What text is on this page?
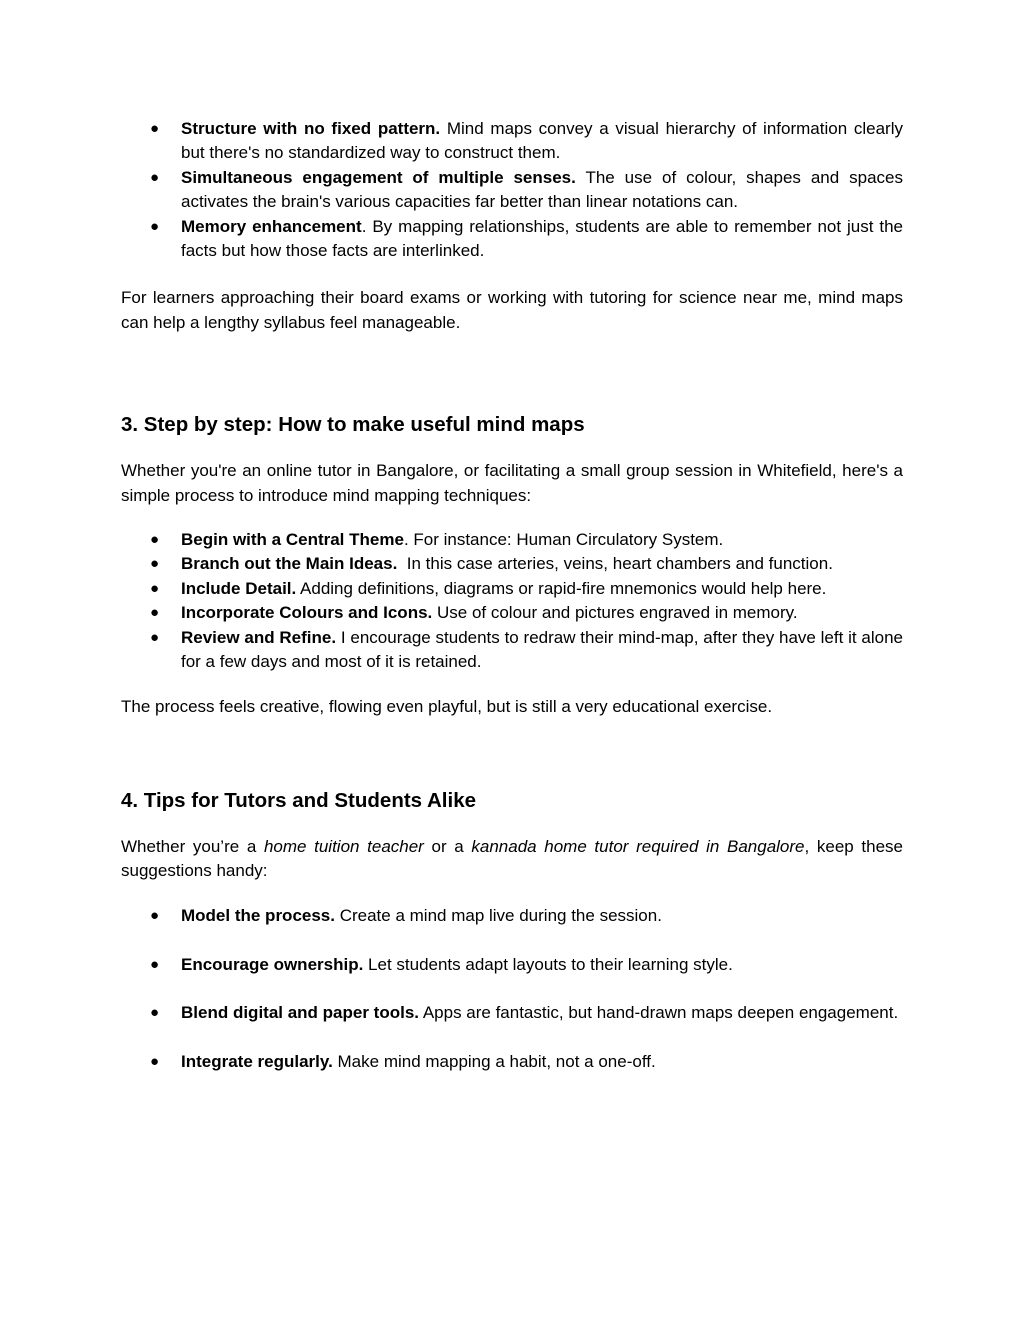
● Structure with no fixed pattern. Mind maps convey a visual hierarchy of information clearly but there's no standardized way to construct them.
● Simultaneous engagement of multiple senses. The use of colour, shapes and spaces activates the brain's various capacities far better than linear notations can.
● Memory enhancement. By mapping relationships, students are able to remember not just the facts but how those facts are interlinked.

For learners approaching their board exams or working with tutoring for science near me, mind maps can help a lengthy syllabus feel manageable.

3. Step by step: How to make useful mind maps

Whether you're an online tutor in Bangalore, or facilitating a small group session in Whitefield, here's a simple process to introduce mind mapping techniques:

● Begin with a Central Theme. For instance: Human Circulatory System.
● Branch out the Main Ideas.  In this case arteries, veins, heart chambers and function.
● Include Detail. Adding definitions, diagrams or rapid-fire mnemonics would help here.
● Incorporate Colours and Icons. Use of colour and pictures engraved in memory.
● Review and Refine. I encourage students to redraw their mind-map, after they have left it alone for a few days and most of it is retained.

The process feels creative, flowing even playful, but is still a very educational exercise.

4. Tips for Tutors and Students Alike

Whether you’re a home tuition teacher or a kannada home tutor required in Bangalore, keep these suggestions handy:

● Model the process. Create a mind map live during the session.
● Encourage ownership. Let students adapt layouts to their learning style.
● Blend digital and paper tools. Apps are fantastic, but hand-drawn maps deepen engagement.
● Integrate regularly. Make mind mapping a habit, not a one-off.
